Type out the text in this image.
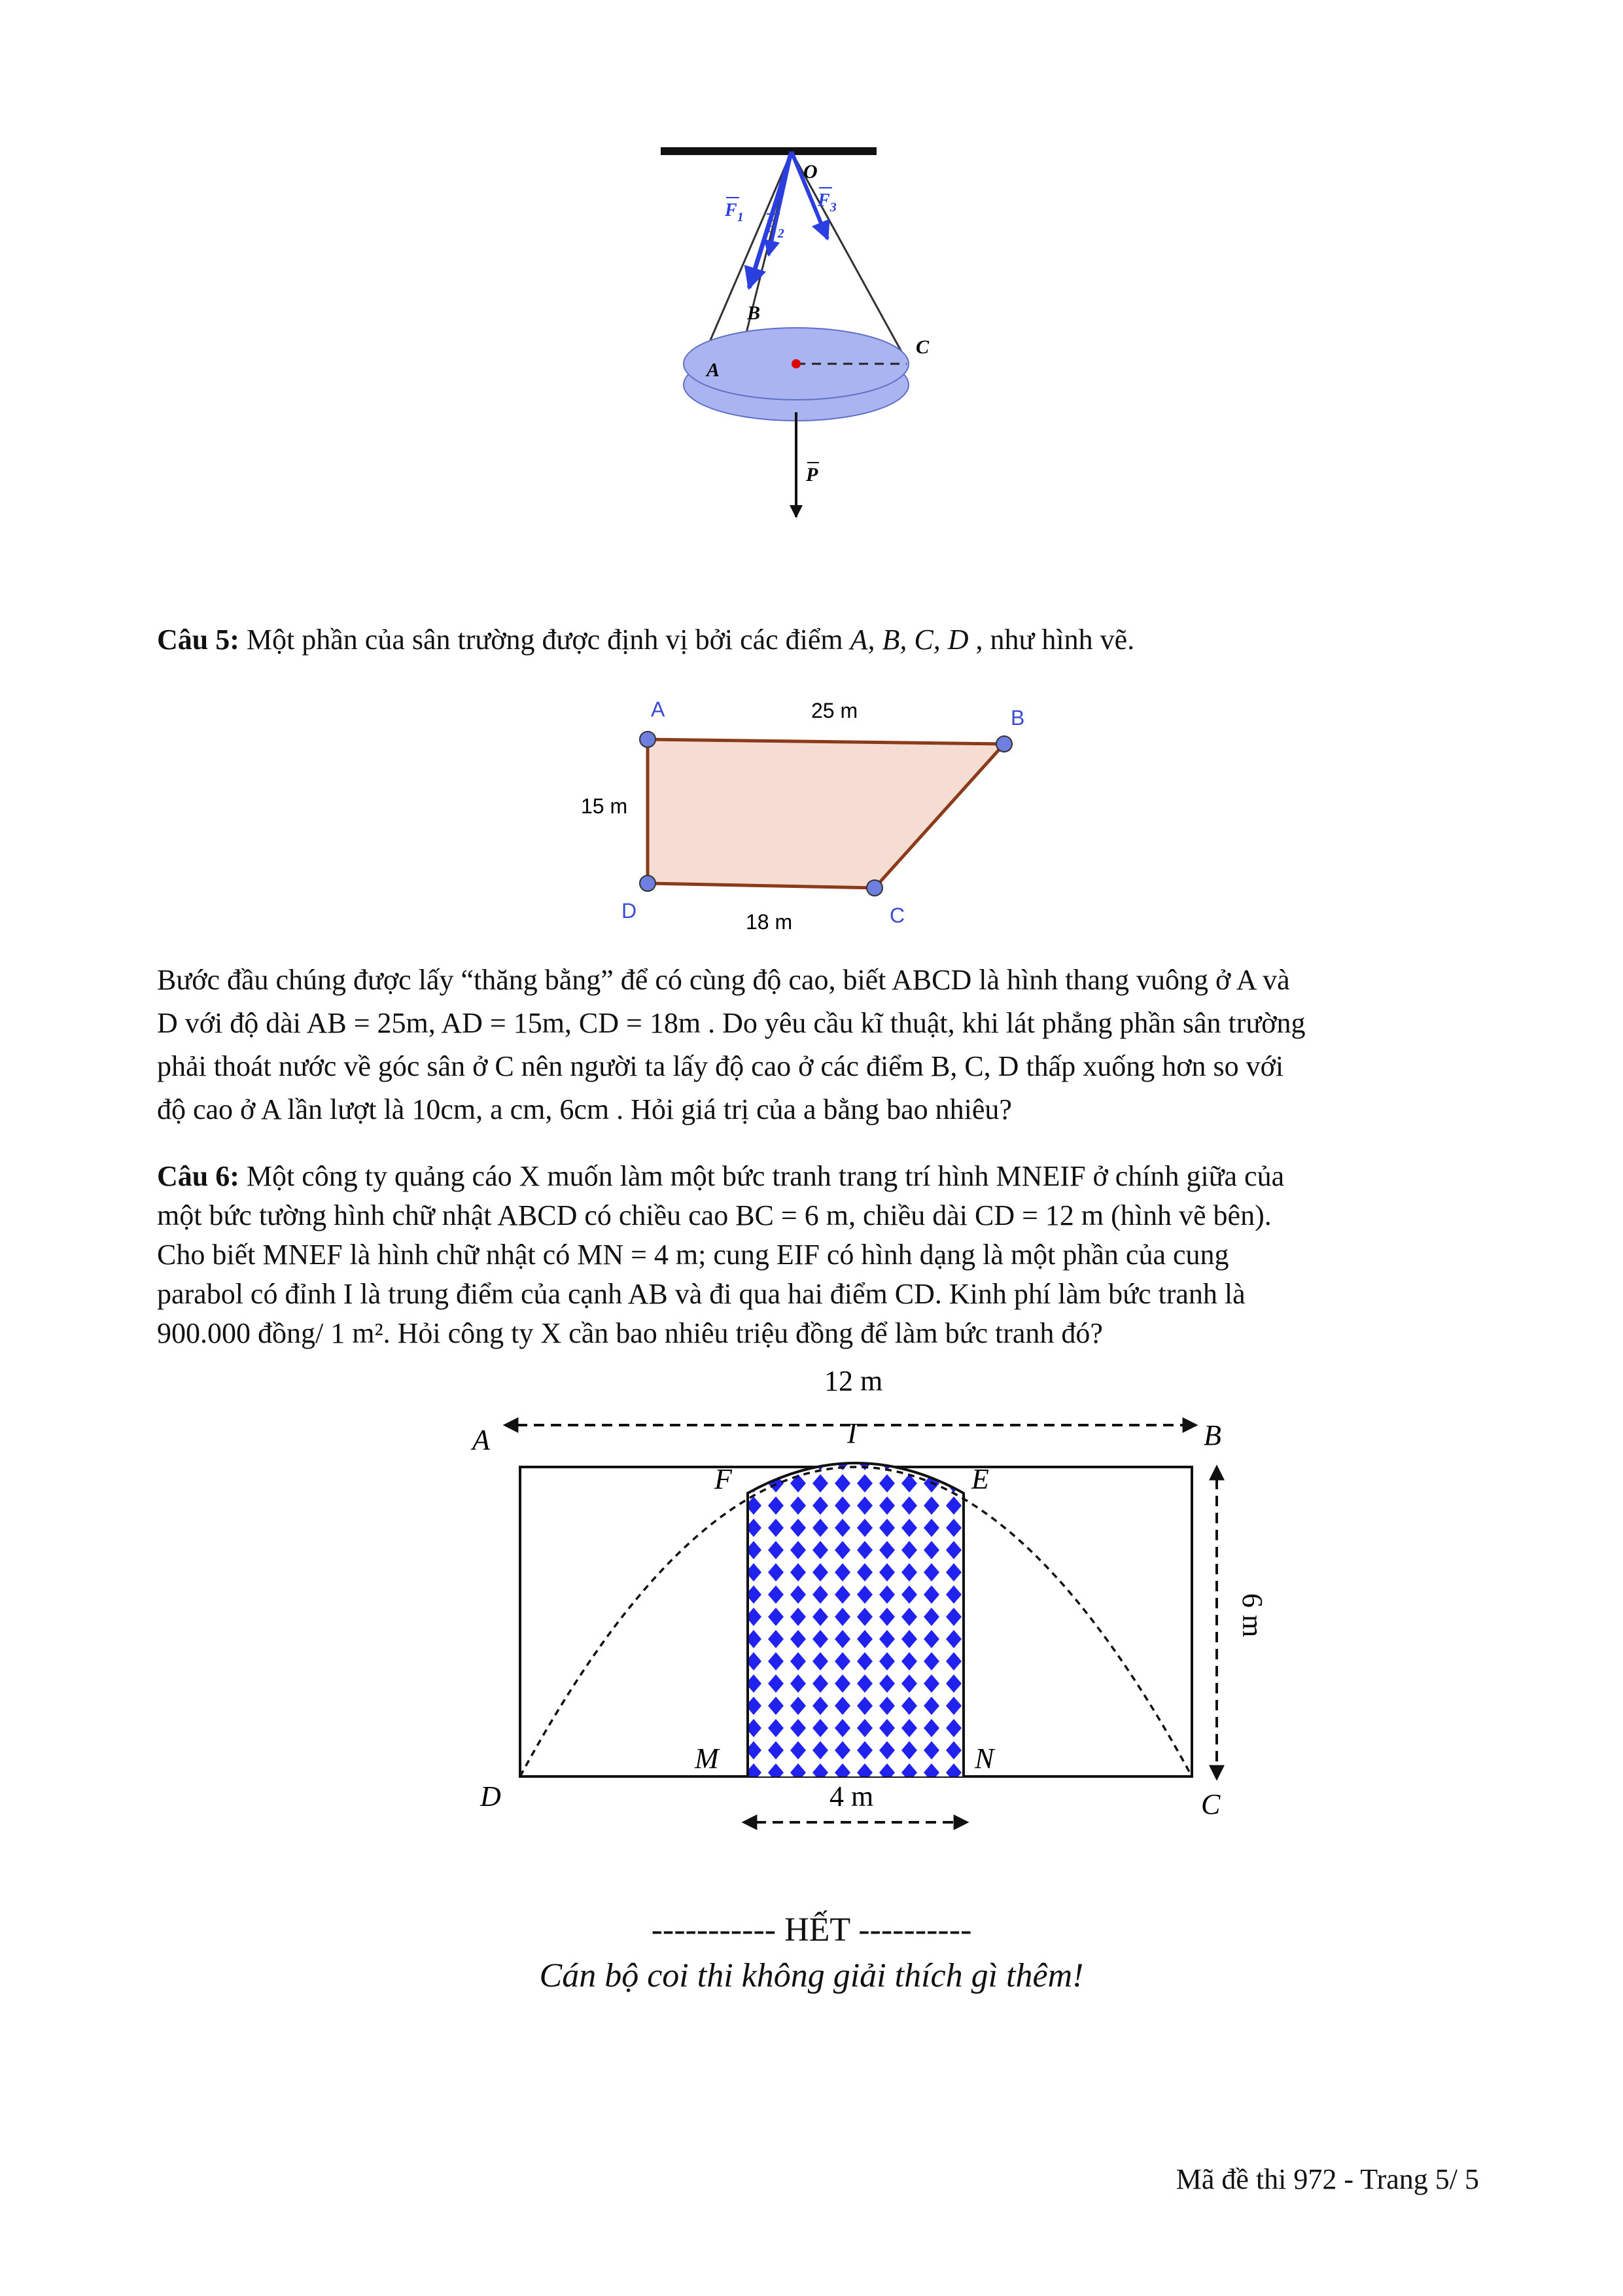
O
B
A
C
$F_1$ $F_2$
$F_3$
P
Câu 5: Một phần của sân trường được định vị bởi các điểm A, B, C, D , như hình vẽ.
A	B
C
D
25 m
15 m
18 m
Bước đầu chúng được lấy “thăng bằng” để có cùng độ cao, biết ABCD là hình thang vuông ở A và
D với độ dài AB = 25m, AD = 15m, CD = 18m . Do yêu cầu kĩ thuật, khi lát phẳng phần sân trường
phải thoát nước về góc sân ở C nên người ta lấy độ cao ở các điểm B, C, D thấp xuống hơn so với
độ cao ở A lần lượt là 10cm, a cm, 6cm . Hỏi giá trị của a bằng bao nhiêu?
Câu 6: Một công ty quảng cáo X muốn làm một bức tranh trang trí hình MNEIF ở chính giữa của
một bức tường hình chữ nhật ABCD có chiều cao BC = 6 m, chiều dài CD = 12 m (hình vẽ bên).
Cho biết MNEF là hình chữ nhật có MN = 4 m; cung EIF có hình dạng là một phần của cung
parabol có đỉnh I là trung điểm của cạnh AB và đi qua hai điểm CD. Kinh phí làm bức tranh là
900.000 đồng/ 1 m². Hỏi công ty X cần bao nhiêu triệu đồng để làm bức tranh đó?
12 m
6 m
4 m
A	B
C
D
I
E
F
M	N
----------- HẾT ----------
Cán bộ coi thi không giải thích gì thêm!
Mã đề thi 972 - Trang 5/ 5
